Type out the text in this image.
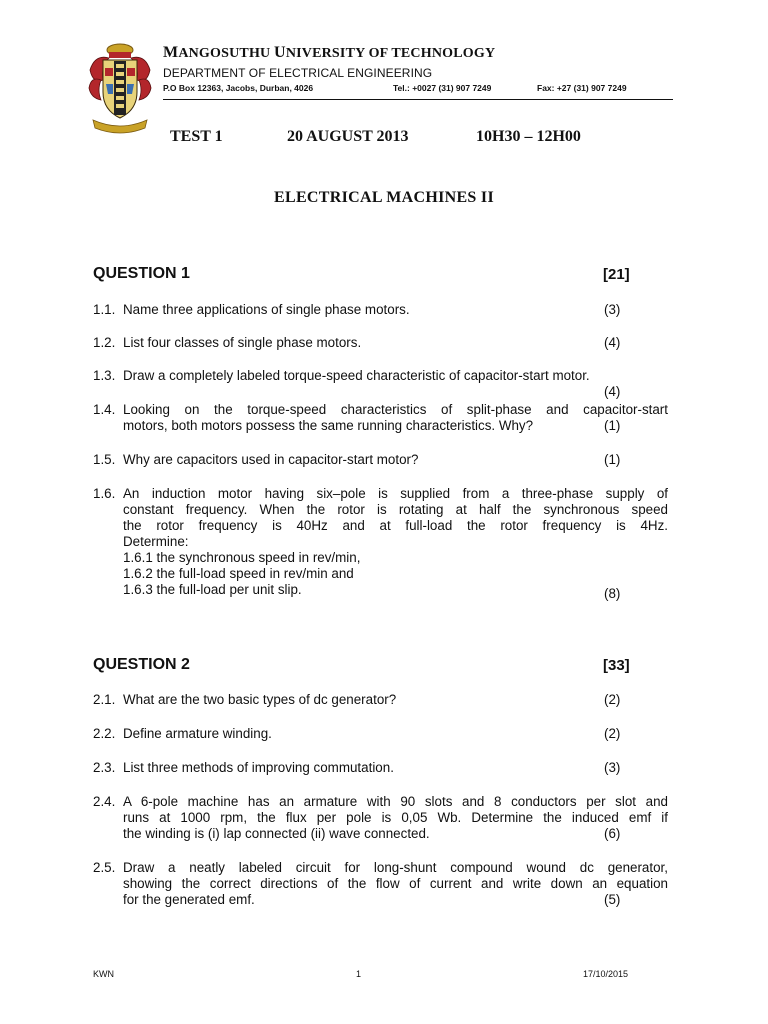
MANGOSUTHU UNIVERSITY OF TECHNOLOGY
DEPARTMENT OF ELECTRICAL ENGINEERING
P.O Box 12363, Jacobs, Durban, 4026	Tel.: +0027 (31) 907 7249	Fax: +27 (31) 907 7249
TEST 1	20 AUGUST 2013	10H30 – 12H00
ELECTRICAL MACHINES II
QUESTION 1	[21]
1.1. Name three applications of single phase motors.	(3)
1.2. List four classes of single phase motors.	(4)
1.3. Draw a completely labeled torque-speed characteristic of capacitor-start motor.
(4)
1.4. Looking on the torque-speed characteristics of split-phase and capacitor-start
motors, both motors possess the same running characteristics. Why?	(1)
1.5. Why are capacitors used in capacitor-start motor?	(1)
1.6. An induction motor having six–pole is supplied from a three-phase supply of
constant frequency. When the rotor is rotating at half the synchronous speed
the rotor frequency is 40Hz and at full-load the rotor frequency is 4Hz.
Determine:
1.6.1 the synchronous speed in rev/min,
1.6.2 the full-load speed in rev/min and
1.6.3 the full-load per unit slip.	(8)
QUESTION 2	[33]
2.1. What are the two basic types of dc generator?	(2)
2.2. Define armature winding.	(2)
2.3. List three methods of improving commutation.	(3)
2.4. A 6-pole machine has an armature with 90 slots and 8 conductors per slot and
runs at 1000 rpm, the flux per pole is 0,05 Wb. Determine the induced emf if
the winding is (i) lap connected (ii) wave connected.	(6)
2.5. Draw a neatly labeled circuit for long-shunt compound wound dc generator,
showing the correct directions of the flow of current and write down an equation
for the generated emf.	(5)
KWN	1	17/10/2015
